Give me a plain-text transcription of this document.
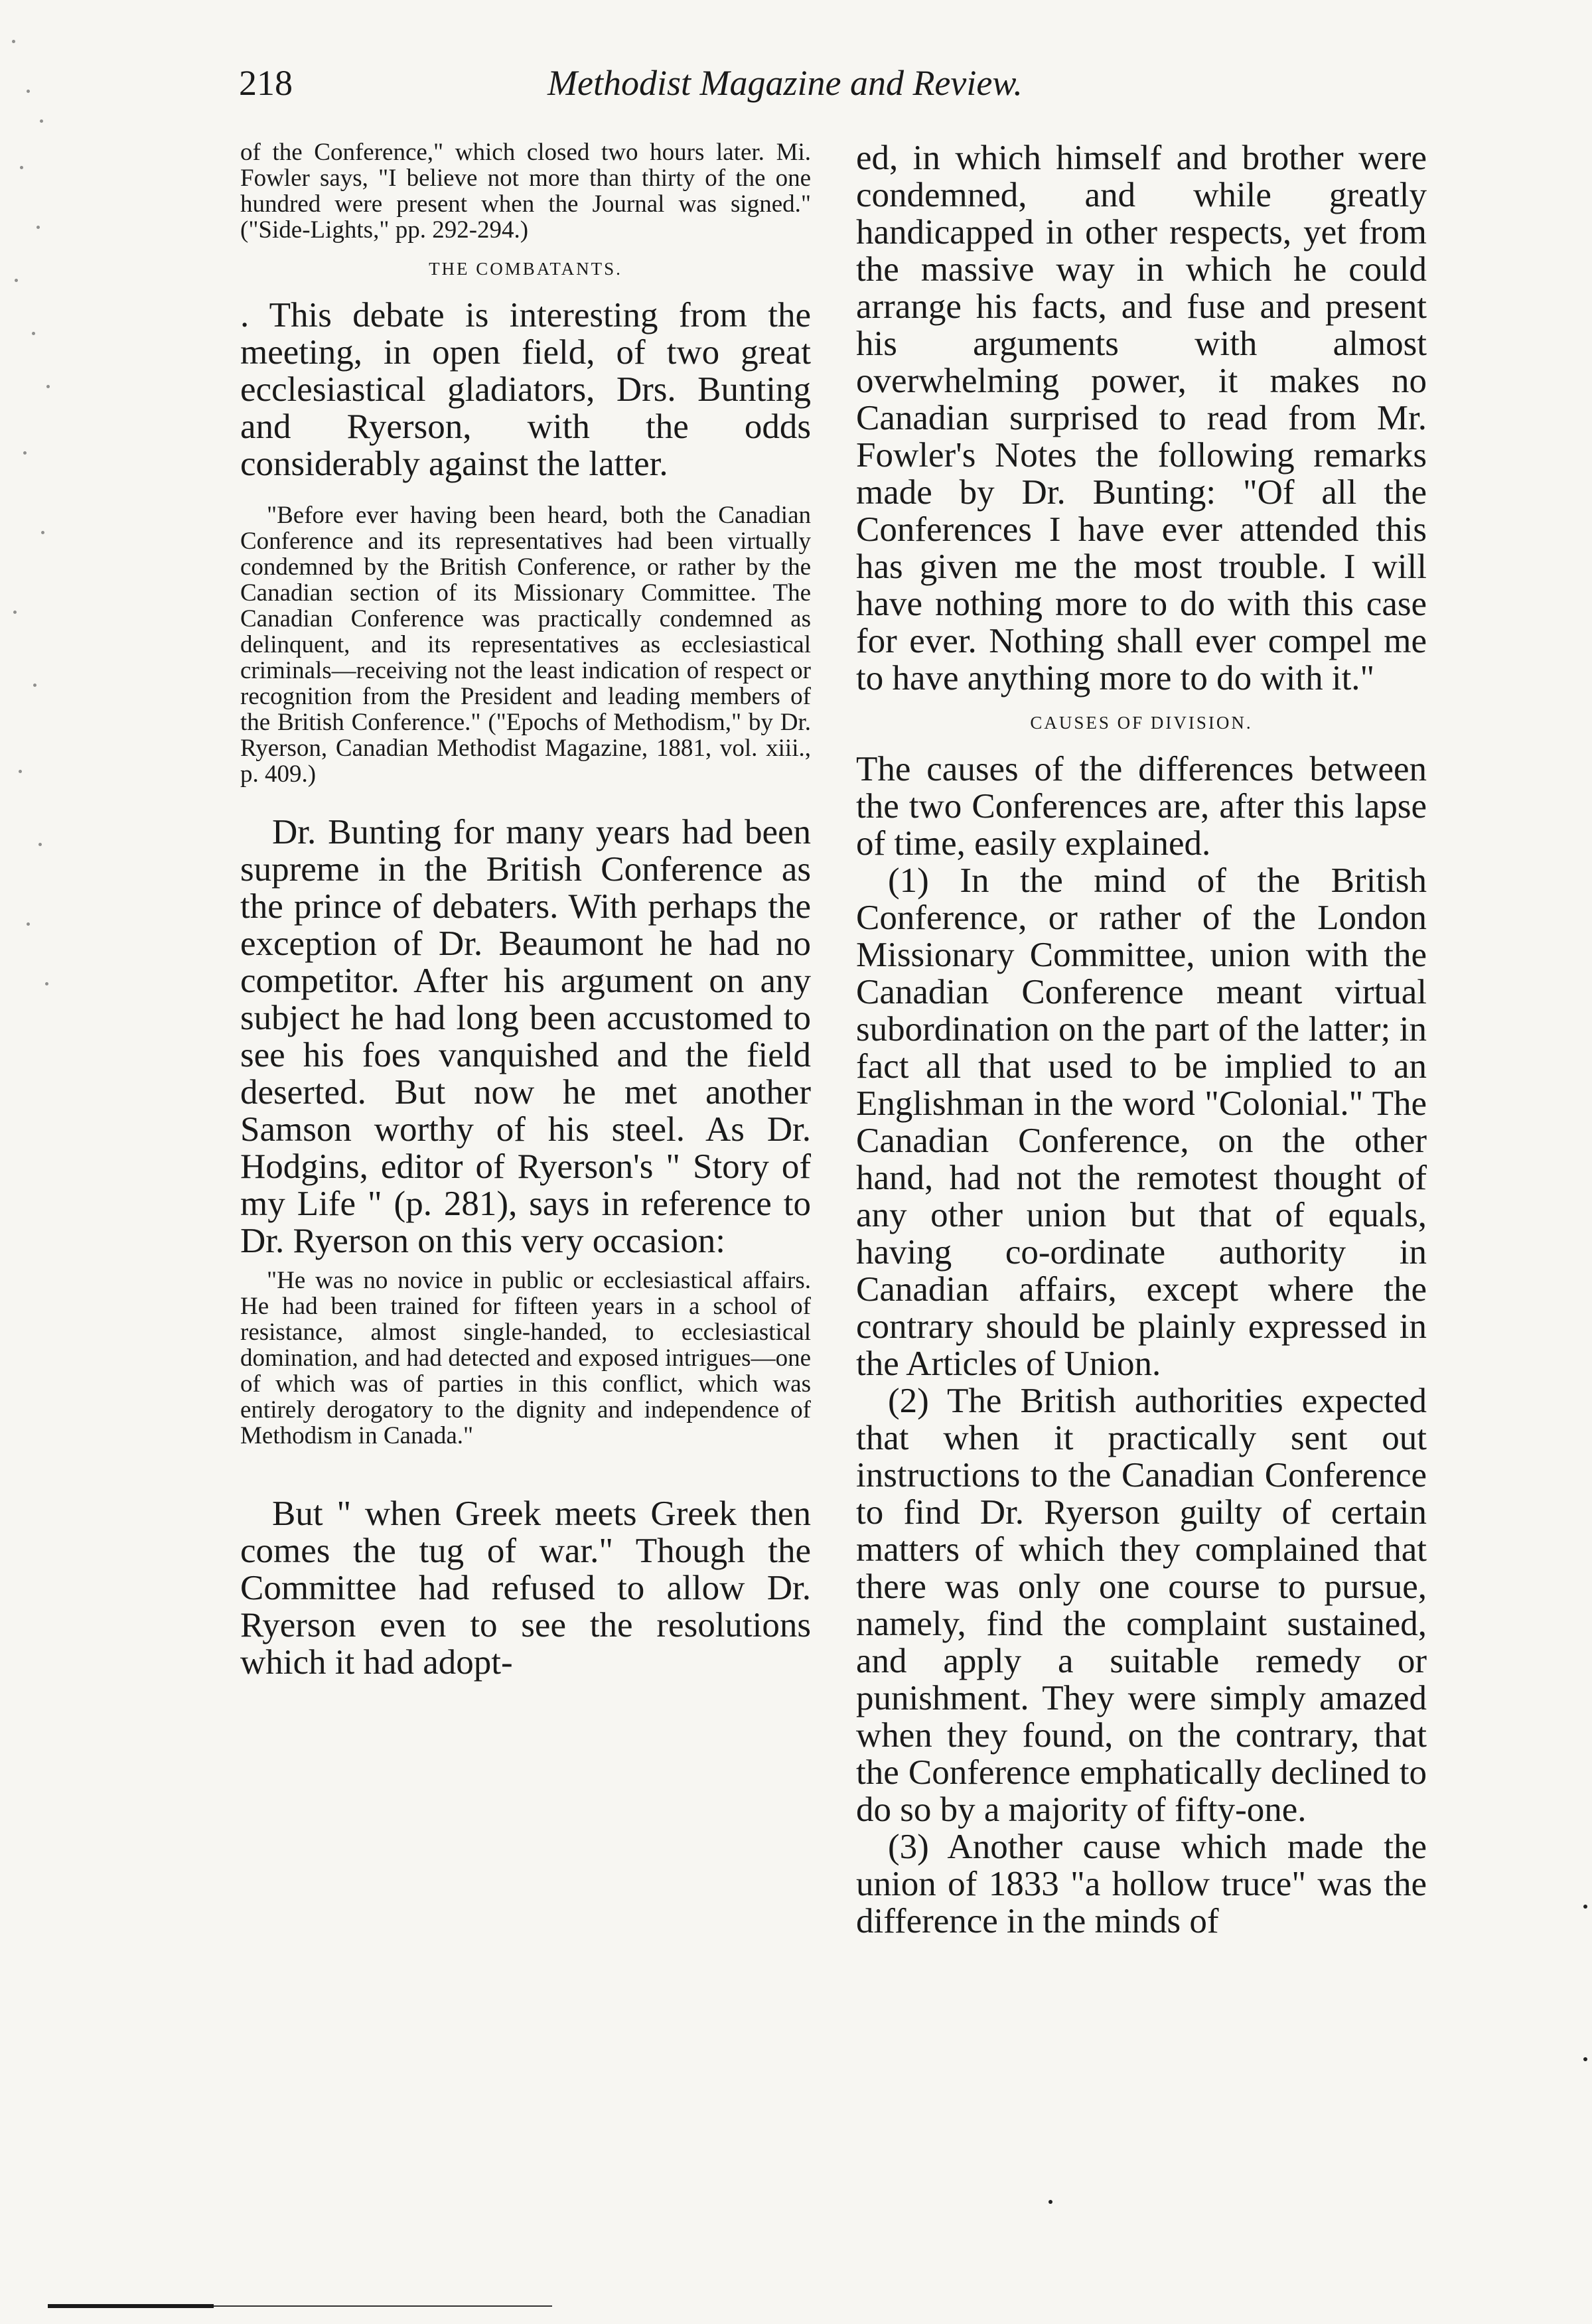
218	Methodist Magazine and Review.

of the Conference," which closed two hours later. Mi. Fowler says, "I believe not more than thirty of the one hundred were present when the Journal was signed." ("Side-Lights," pp. 292-294.)

THE COMBATANTS.

. This debate is interesting from the meeting, in open field, of two great ecclesiastical gladiators, Drs. Bunting and Ryerson, with the odds considerably against the latter.

"Before ever having been heard, both the Canadian Conference and its representatives had been virtually condemned by the British Conference, or rather by the Canadian section of its Missionary Committee. The Canadian Conference was practically condemned as delinquent, and its representatives as ecclesiastical criminals—receiving not the least indication of respect or recognition from the President and leading members of the British Conference." ("Epochs of Methodism," by Dr. Ryerson, Canadian Methodist Magazine, 1881, vol. xiii., p. 409.)

Dr. Bunting for many years had been supreme in the British Conference as the prince of debaters. With perhaps the exception of Dr. Beaumont he had no competitor. After his argument on any subject he had long been accustomed to see his foes vanquished and the field deserted. But now he met another Samson worthy of his steel. As Dr. Hodgins, editor of Ryerson's " Story of my Life " (p. 281), says in reference to Dr. Ryerson on this very occasion:

"He was no novice in public or ecclesiastical affairs. He had been trained for fifteen years in a school of resistance, almost single-handed, to ecclesiastical domination, and had detected and exposed intrigues—one of which was of parties in this conflict, which was entirely derogatory to the dignity and independence of Methodism in Canada."

But " when Greek meets Greek then comes the tug of war." Though the Committee had refused to allow Dr. Ryerson even to see the resolutions which it had adopt-

ed, in which himself and brother were condemned, and while greatly handicapped in other respects, yet from the massive way in which he could arrange his facts, and fuse and present his arguments with almost overwhelming power, it makes no Canadian surprised to read from Mr. Fowler's Notes the following remarks made by Dr. Bunting: "Of all the Conferences I have ever attended this has given me the most trouble. I will have nothing more to do with this case for ever. Nothing shall ever compel me to have anything more to do with it."

CAUSES OF DIVISION.

The causes of the differences between the two Conferences are, after this lapse of time, easily explained.

(1) In the mind of the British Conference, or rather of the London Missionary Committee, union with the Canadian Conference meant virtual subordination on the part of the latter; in fact all that used to be implied to an Englishman in the word "Colonial." The Canadian Conference, on the other hand, had not the remotest thought of any other union but that of equals, having co-ordinate authority in Canadian affairs, except where the contrary should be plainly expressed in the Articles of Union.

(2) The British authorities expected that when it practically sent out instructions to the Canadian Conference to find Dr. Ryerson guilty of certain matters of which they complained that there was only one course to pursue, namely, find the complaint sustained, and apply a suitable remedy or punishment. They were simply amazed when they found, on the contrary, that the Conference emphatically declined to do so by a majority of fifty-one.

(3) Another cause which made the union of 1833 "a hollow truce" was the difference in the minds of
